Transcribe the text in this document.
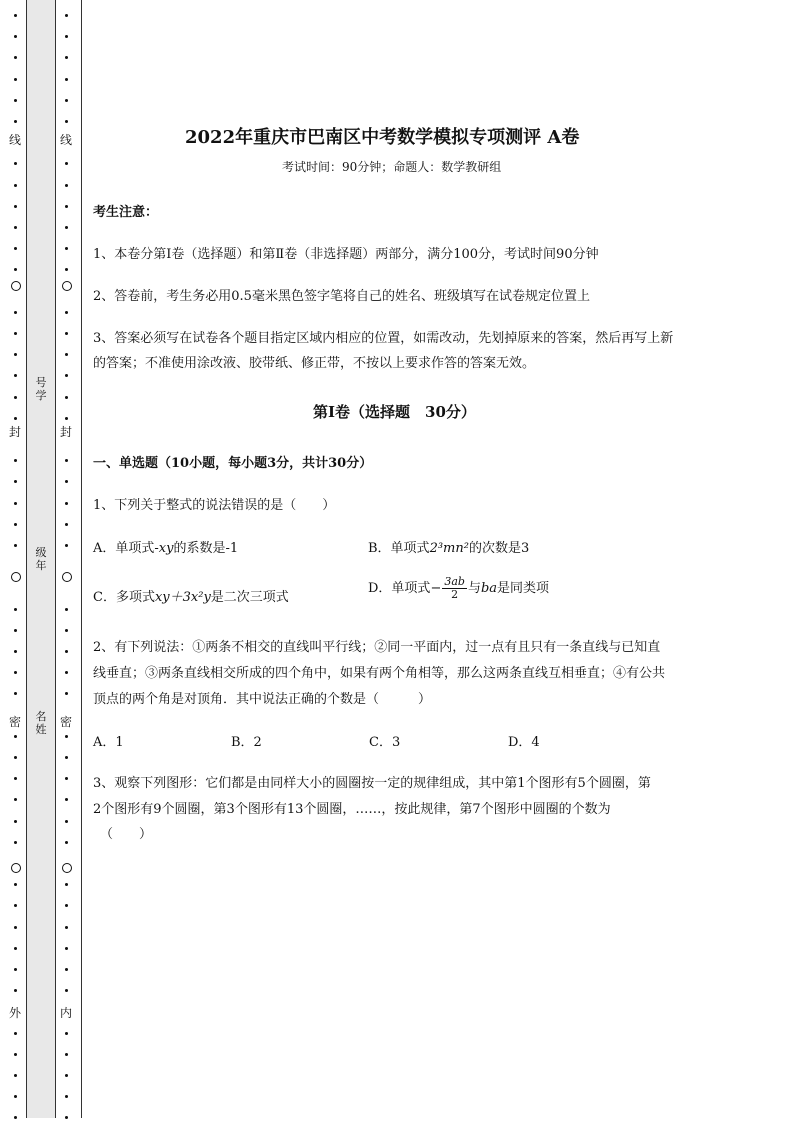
线
封
密
外
线
封
密
内
号学
级年
名姓
2022年重庆市巴南区中考数学模拟专项测评 A卷
考试时间：90分钟；命题人：数学教研组
考生注意：
1、本卷分第I卷（选择题）和第Ⅱ卷（非选择题）两部分，满分100分，考试时间90分钟
2、答卷前，考生务必用0.5毫米黑色签字笔将自己的姓名、班级填写在试卷规定位置上
3、答案必须写在试卷各个题目指定区域内相应的位置，如需改动，先划掉原来的答案，然后再写上新
的答案；不准使用涂改液、胶带纸、修正带，不按以上要求作答的答案无效。
第I卷（选择题　30分）
一、单选题（10小题，每小题3分，共计30分）
1、下列关于整式的说法错误的是（　　）
A．单项式-xy的系数是-1	B．单项式2³mn²的次数是3
C．多项式xy＋3x²y是二次三项式
D．单项式− $\frac{3ab}{2}$ 与ba是同类项
2、有下列说法：①两条不相交的直线叫平行线；②同一平面内，过一点有且只有一条直线与已知直
线垂直；③两条直线相交所成的四个角中，如果有两个角相等，那么这两条直线互相垂直；④有公共
顶点的两个角是对顶角．其中说法正确的个数是（　　　）
A．1	B．2	C．3	D．4
3、观察下列图形：它们都是由同样大小的圆圈按一定的规律组成，其中第1个图形有5个圆圈，第
2个图形有9个圆圈，第3个图形有13个圆圈，……，按此规律，第7个图形中圆圈的个数为
（　　）
